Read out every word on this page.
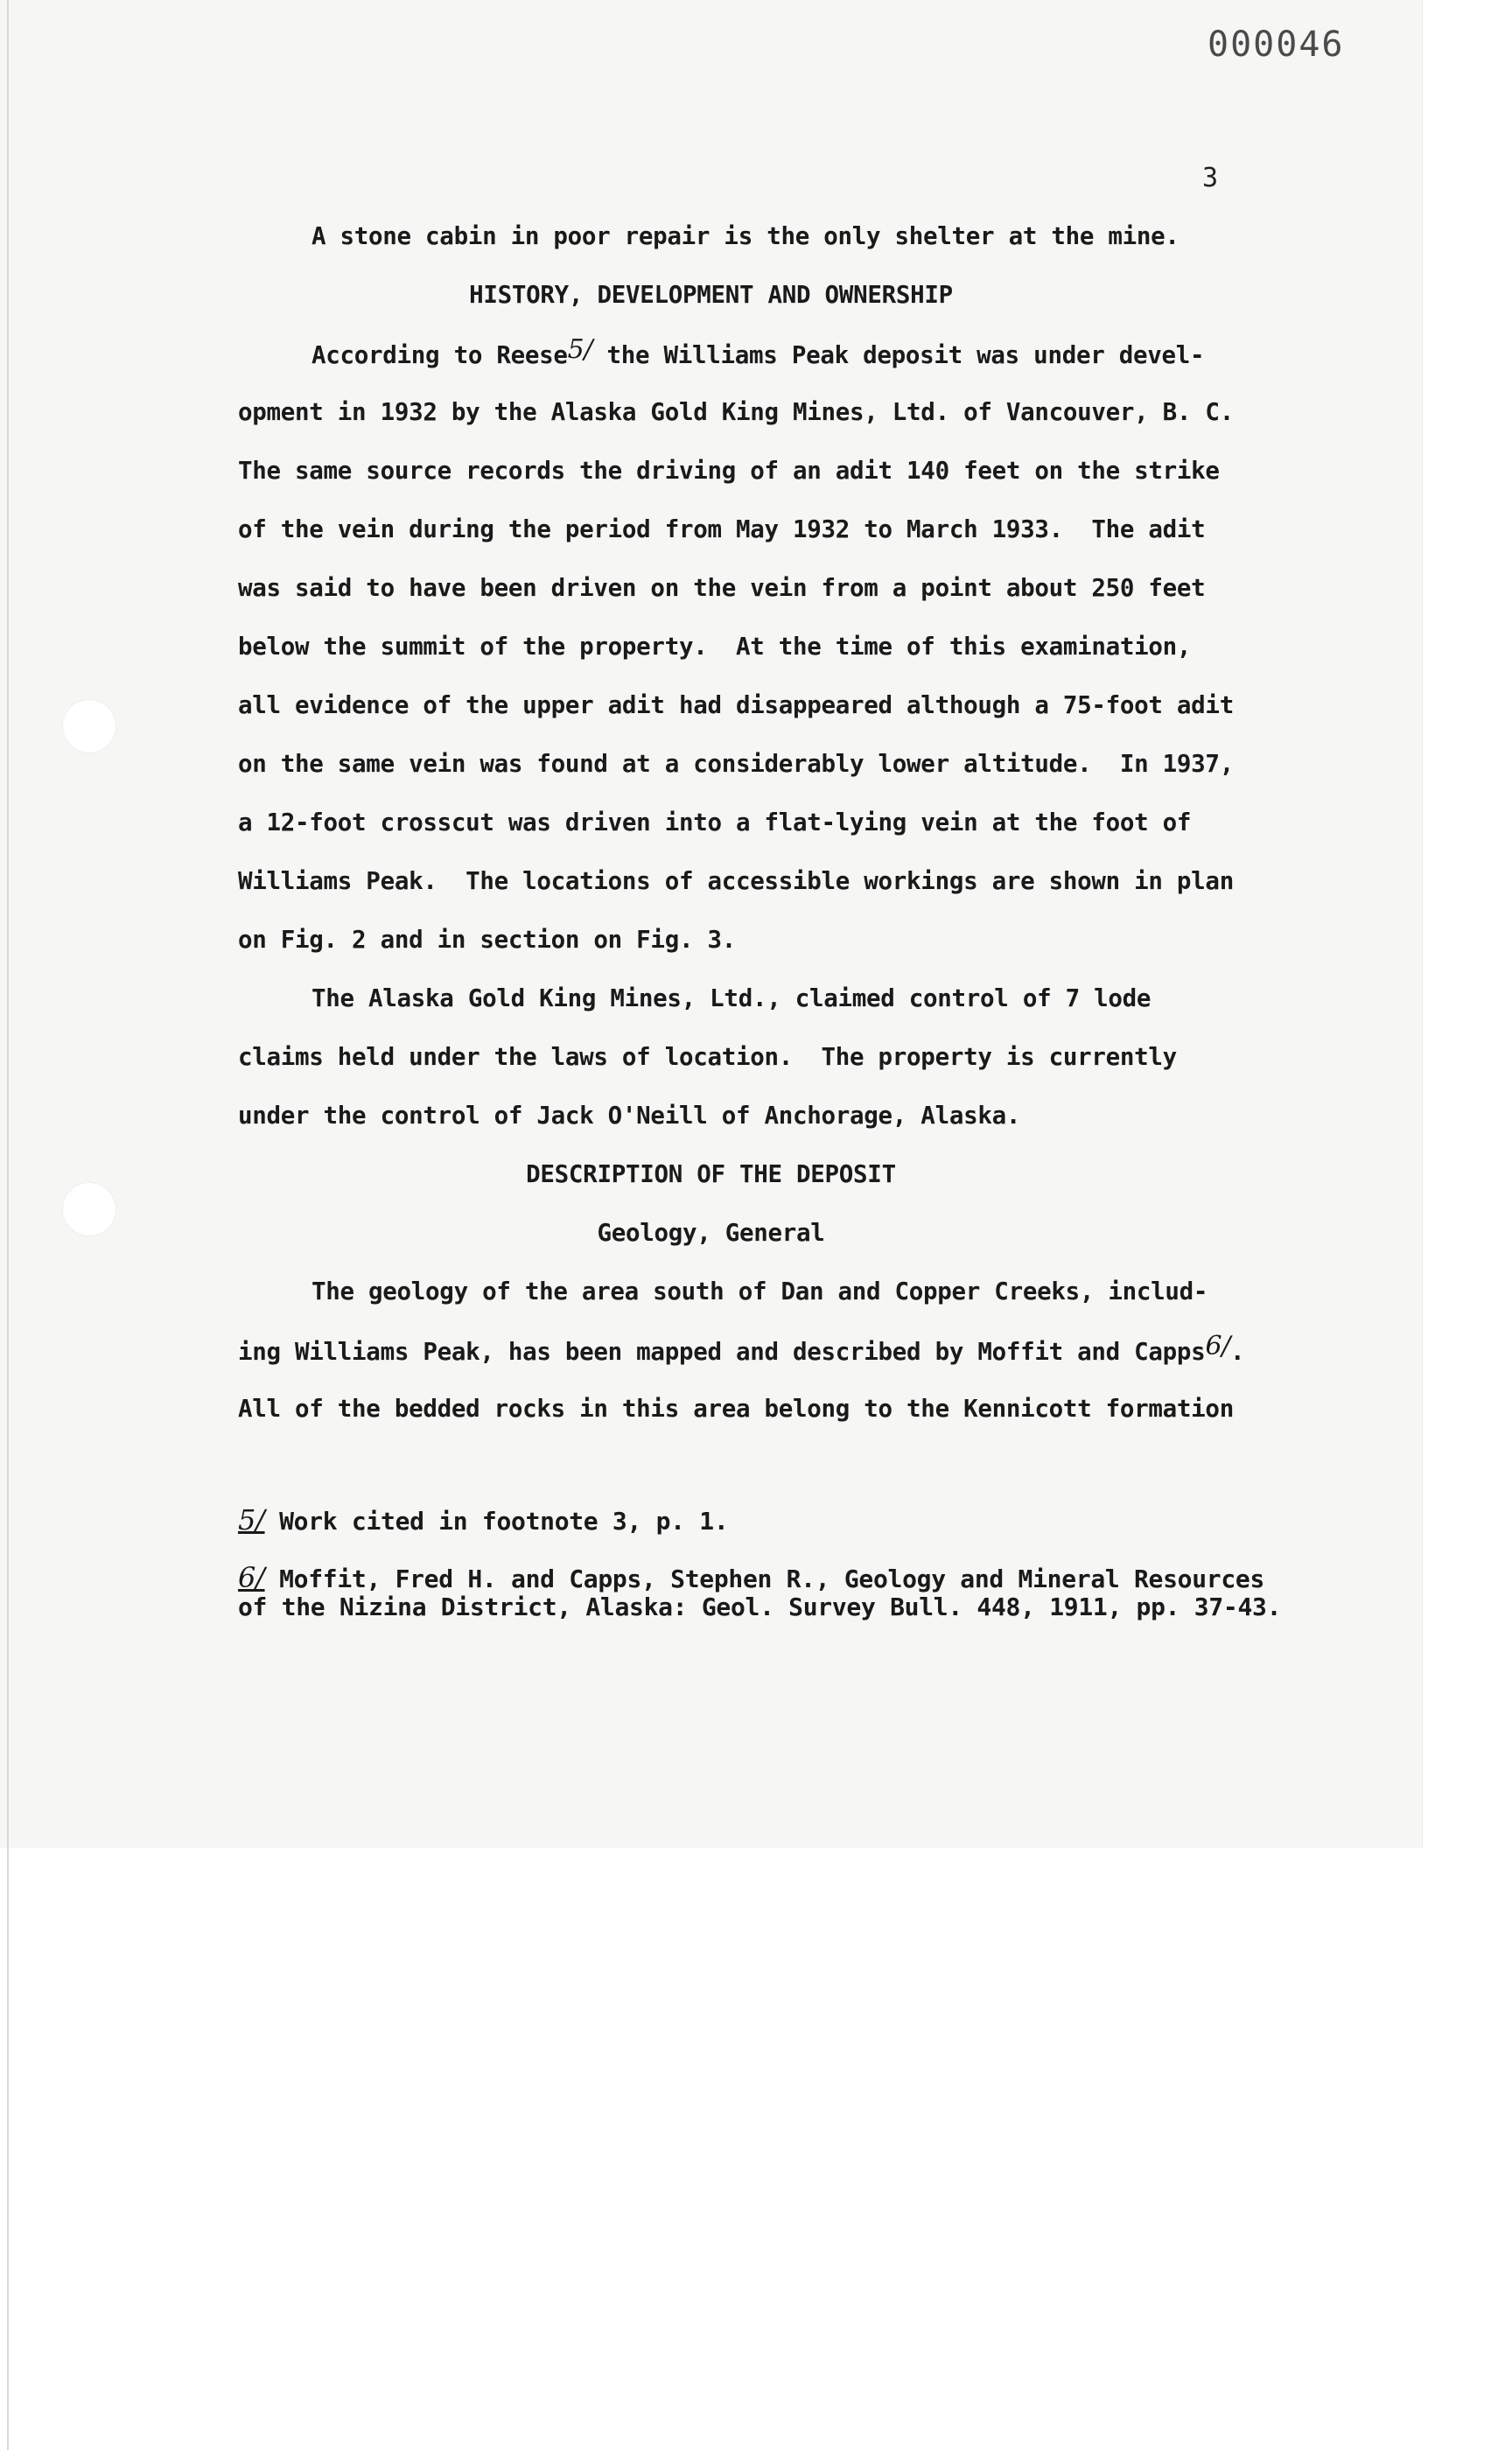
000046
3
A stone cabin in poor repair is the only shelter at the mine.
HISTORY, DEVELOPMENT AND OWNERSHIP
According to Reese$^{5/}$ the Williams Peak deposit was under devel-
opment in 1932 by the Alaska Gold King Mines, Ltd. of Vancouver, B. C.
The same source records the driving of an adit 140 feet on the strike
of the vein during the period from May 1932 to March 1933.  The adit
was said to have been driven on the vein from a point about 250 feet
below the summit of the property.  At the time of this examination,
all evidence of the upper adit had disappeared although a 75-foot adit
on the same vein was found at a considerably lower altitude.  In 1937,
a 12-foot crosscut was driven into a flat-lying vein at the foot of
Williams Peak.  The locations of accessible workings are shown in plan
on Fig. 2 and in section on Fig. 3.
The Alaska Gold King Mines, Ltd., claimed control of 7 lode
claims held under the laws of location.  The property is currently
under the control of Jack O'Neill of Anchorage, Alaska.
DESCRIPTION OF THE DEPOSIT
Geology, General
The geology of the area south of Dan and Copper Creeks, includ-
ing Williams Peak, has been mapped and described by Moffit and Capps$^{6/}$.
All of the bedded rocks in this area belong to the Kennicott formation
5/ Work cited in footnote 3, p. 1.
6/ Moffit, Fred H. and Capps, Stephen R., Geology and Mineral Resources
of the Nizina District, Alaska: Geol. Survey Bull. 448, 1911, pp. 37-43.
